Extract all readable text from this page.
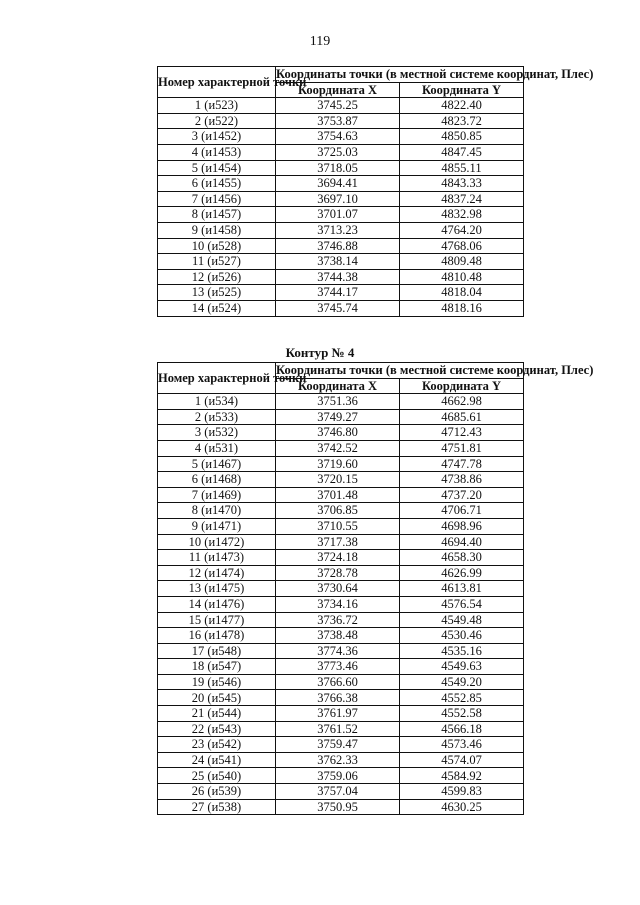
119
Номер характерной точки	Координаты точки (в местной системе координат, Плес)	
	Координата X	Координата Y
1 (и523)	3745.25	4822.40
2 (и522)	3753.87	4823.72
3 (и1452)	3754.63	4850.85
4 (и1453)	3725.03	4847.45
5 (и1454)	3718.05	4855.11
6 (и1455)	3694.41	4843.33
7 (и1456)	3697.10	4837.24
8 (и1457)	3701.07	4832.98
9 (и1458)	3713.23	4764.20
10 (и528)	3746.88	4768.06
11 (и527)	3738.14	4809.48
12 (и526)	3744.38	4810.48
13 (и525)	3744.17	4818.04
14 (и524)	3745.74	4818.16
Контур № 4
Номер характерной точки	Координаты точки (в местной системе координат, Плес)	
	Координата X	Координата Y
1 (и534)	3751.36	4662.98
2 (и533)	3749.27	4685.61
3 (и532)	3746.80	4712.43
4 (и531)	3742.52	4751.81
5 (и1467)	3719.60	4747.78
6 (и1468)	3720.15	4738.86
7 (и1469)	3701.48	4737.20
8 (и1470)	3706.85	4706.71
9 (и1471)	3710.55	4698.96
10 (и1472)	3717.38	4694.40
11 (и1473)	3724.18	4658.30
12 (и1474)	3728.78	4626.99
13 (и1475)	3730.64	4613.81
14 (и1476)	3734.16	4576.54
15 (и1477)	3736.72	4549.48
16 (и1478)	3738.48	4530.46
17 (и548)	3774.36	4535.16
18 (и547)	3773.46	4549.63
19 (и546)	3766.60	4549.20
20 (и545)	3766.38	4552.85
21 (и544)	3761.97	4552.58
22 (и543)	3761.52	4566.18
23 (и542)	3759.47	4573.46
24 (и541)	3762.33	4574.07
25 (и540)	3759.06	4584.92
26 (и539)	3757.04	4599.83
27 (и538)	3750.95	4630.25
